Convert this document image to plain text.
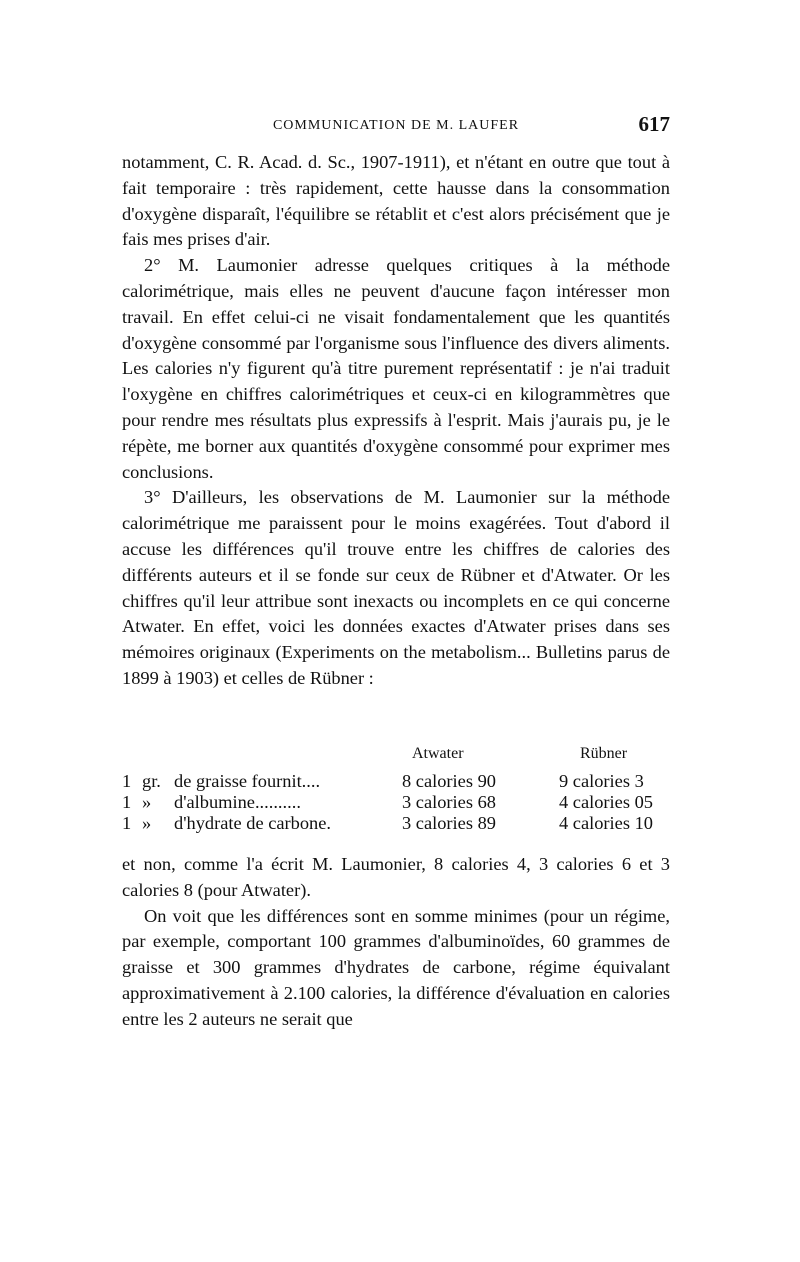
COMMUNICATION DE M. LAUFER	617

notamment, C. R. Acad. d. Sc., 1907-1911), et n'étant en outre que tout à fait temporaire : très rapidement, cette hausse dans la consommation d'oxygène disparaît, l'équilibre se rétablit et c'est alors précisément que je fais mes prises d'air.

2° M. Laumonier adresse quelques critiques à la méthode calorimétrique, mais elles ne peuvent d'aucune façon intéresser mon travail. En effet celui-ci ne visait fondamentalement que les quantités d'oxygène consommé par l'organisme sous l'influence des divers aliments. Les calories n'y figurent qu'à titre purement représentatif : je n'ai traduit l'oxygène en chiffres calorimétriques et ceux-ci en kilogrammètres que pour rendre mes résultats plus expressifs à l'esprit. Mais j'aurais pu, je le répète, me borner aux quantités d'oxygène consommé pour exprimer mes conclusions.

3° D'ailleurs, les observations de M. Laumonier sur la méthode calorimétrique me paraissent pour le moins exagérées. Tout d'abord il accuse les différences qu'il trouve entre les chiffres de calories des différents auteurs et il se fonde sur ceux de Rübner et d'Atwater. Or les chiffres qu'il leur attribue sont inexacts ou incomplets en ce qui concerne Atwater. En effet, voici les données exactes d'Atwater prises dans ses mémoires originaux (Experiments on the metabolism... Bulletins parus de 1899 à 1903) et celles de Rübner :

Atwater	Rübner
1 gr. de graisse fournit....	8 calories 90	9 calories 3
1 » d'albumine..........	3 calories 68	4 calories 05
1 » d'hydrate de carbone.	3 calories 89	4 calories 10

et non, comme l'a écrit M. Laumonier, 8 calories 4, 3 calories 6 et 3 calories 8 (pour Atwater).

On voit que les différences sont en somme minimes (pour un régime, par exemple, comportant 100 grammes d'albuminoïdes, 60 grammes de graisse et 300 grammes d'hydrates de carbone, régime équivalant approximativement à 2.100 calories, la différence d'évaluation en calories entre les 2 auteurs ne serait que
